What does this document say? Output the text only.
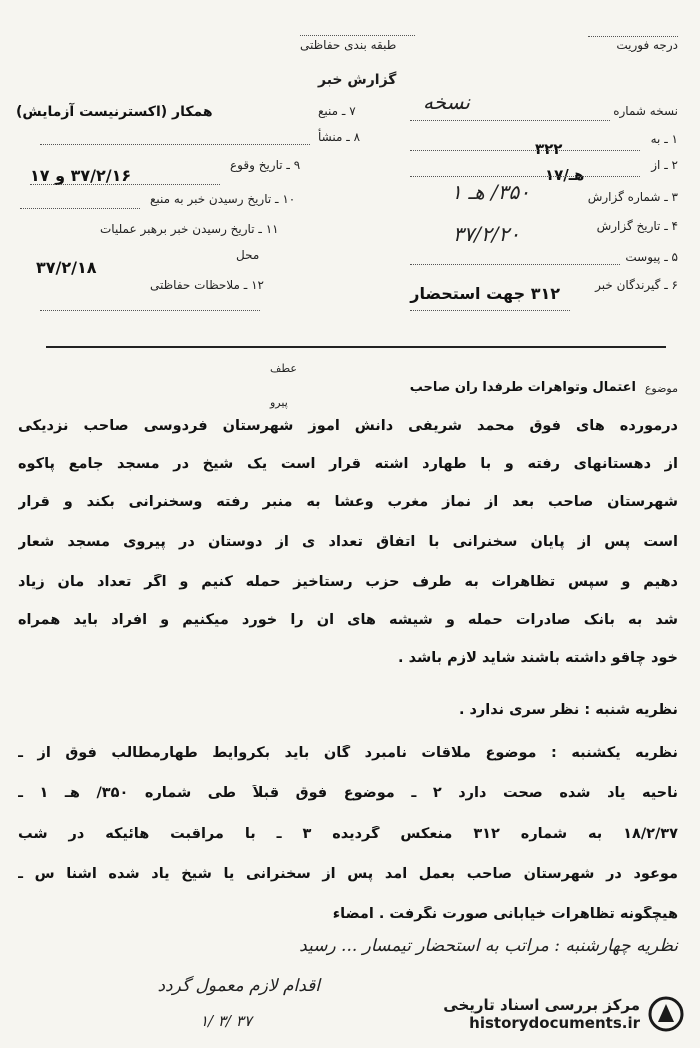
درجه فوریت
طبقه بندی حفاظتی
گزارش خبر
نسخه شماره
نسخه
۱ ـ به
۳۲۲
۲ ـ از
۱۷/هـ
۳ ـ شماره گزارش
۳۵۰/ هـ ۱
۴ ـ تاریخ گزارش
۳۷/۲/۲۰
۵ ـ پیوست
۶ ـ گیرندگان خبر
۳۱۲ جهت استحضار
۷ ـ منبع
همکار (اکسترنیست آزمایش)
۸ ـ منشأ
۹ ـ تاریخ وقوع
۳۷/۲/۱۶ و ۱۷
۱۰ ـ تاریخ رسیدن خبر به منبع
۱۱ ـ تاریخ رسیدن خبر برهبر عملیات
محل
۳۷/۲/۱۸
۱۲ ـ ملاحظات حفاظتی
موضوع
اعتمال وتواهرات طرفدا ران صاحب
عطف
پیرو
درمورده های فوق محمد شریفی دانش آموز شهرستان فردوسی صاحب نزدیکی
از دهستانهای رفته و با طهارد اشته قرار است یک شیخ در مسجد جامع پاکوه
شهرستان صاحب بعد از نماز مغرب وعشا به منبر رفته وسخنرانی بکند و قرار
است پس از پایان سخنرانی با اتفاق تعداد ی از دوستان در پیروی مسجد شعار
دهیم و سپس تظاهرات به طرف حزب رستاخیز حمله کنیم و اگر تعداد مان زیاد
شد به بانک صادرات حمله و شیشه های آن را خورد میکنیم و افراد باید همراه
خود چاقو داشته باشند شاید لازم باشد .
نظریه شنبه : نظر سری ندارد .
نظریه یکشنبه : موضوع ملاقات نامبرد گان باید بکروایط طهارمطالب فوق از ـ
ناحیه یاد شده صحت دارد ۲ ـ موضوع فوق قبلاً طی شماره ۳۵۰/ هـ ۱ ـ
۱۸/۲/۳۷ به شماره ۳۱۲ منعکس گردیده ۳ ـ با مراقبت هائیکه در شب
موعود در شهرستان صاحب بعمل آمد پس از سخنرانی یا شیخ یاد شده اشنا س ـ
هیچگونه تظاهرات خیابانی صورت نگرفت . امضاء
نظریه چهارشنبه : مراتب به استحضار تیمسار ... رسید
اقدام لازم معمول گردد
۱/ ۳/ ۳۷
مرکز بررسی اسناد تاریخی
historydocuments.ir
